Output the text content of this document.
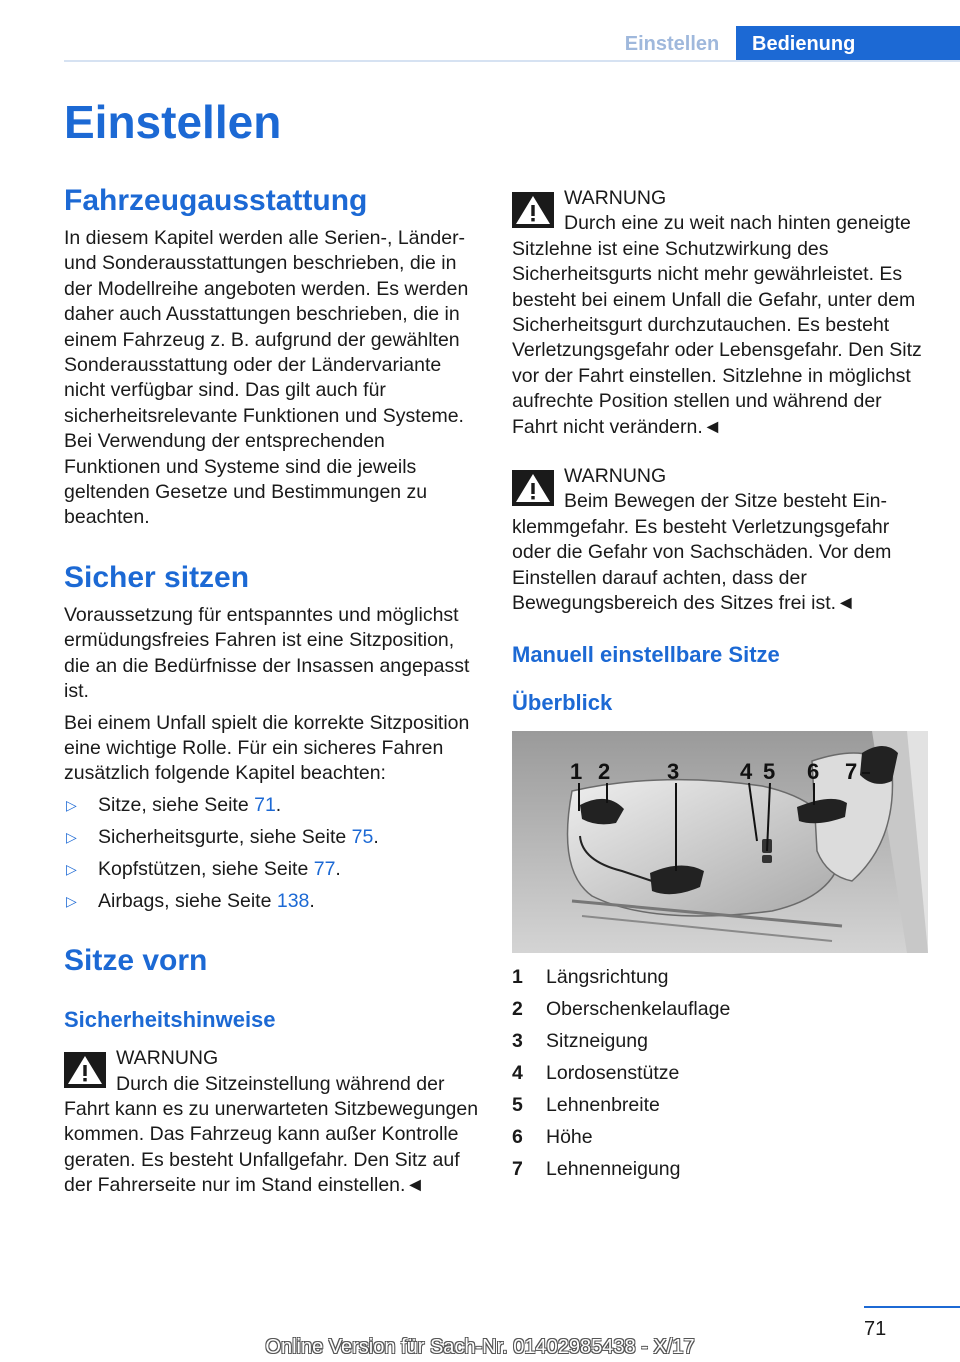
Einstellen	Bedienung
Einstellen
Fahrzeugausstattung

In diesem Kapitel werden alle Serien-, Länder- und Sonderausstattungen beschrieben, die in der Modellreihe angeboten werden. Es werden daher auch Ausstattungen beschrieben, die in einem Fahrzeug z. B. aufgrund der gewählten Sonderausstattung oder der Ländervariante nicht verfügbar sind. Das gilt auch für sicherheitsrelevante Funktionen und Systeme. Bei Verwendung der entsprechenden Funktionen und Systeme sind die jeweils geltenden Gesetze und Bestimmungen zu beachten.

Sicher sitzen

Voraussetzung für entspanntes und möglichst ermüdungsfreies Fahren ist eine Sitzposition, die an die Bedürfnisse der Insassen angepasst ist.

Bei einem Unfall spielt die korrekte Sitzposition eine wichtige Rolle. Für ein sicheres Fahren zusätzlich folgende Kapitel beachten:

▷ Sitze, siehe Seite 71.
▷ Sicherheitsgurte, siehe Seite 75.
▷ Kopfstützen, siehe Seite 77.
▷ Airbags, siehe Seite 138.
Sitze vorn
Sicherheitshinweise
WARNUNG
Durch die Sitzeinstellung während der
Fahrt kann es zu unerwarteten Sitzbewegungen kommen. Das Fahrzeug kann außer Kontrolle geraten. Es besteht Unfallgefahr. Den Sitz auf der Fahrerseite nur im Stand einstellen.◄
WARNUNG
Durch eine zu weit nach hinten geneigte
Sitzlehne ist eine Schutzwirkung des Sicherheitsgurts nicht mehr gewährleistet. Es besteht bei einem Unfall die Gefahr, unter dem Sicherheitsgurt durchzutauchen. Es besteht Verletzungsgefahr oder Lebensgefahr. Den Sitz vor der Fahrt einstellen. Sitzlehne in möglichst aufrechte Position stellen und während der Fahrt nicht verändern.◄
WARNUNG
Beim Bewegen der Sitze besteht Ein-
klemmgefahr. Es besteht Verletzungsgefahr oder die Gefahr von Sachschäden. Vor dem Einstellen darauf achten, dass der Bewegungsbereich des Sitzes frei ist.◄
Manuell einstellbare Sitze
Überblick
1 2	3	4 5 6 7
1	Längsrichtung
2	Oberschenkelauflage
3	Sitzneigung
4	Lordosenstütze
5	Lehnenbreite
6	Höhe
7	Lehnenneigung
71
Online Version für Sach-Nr. 01402985438 - X/17
